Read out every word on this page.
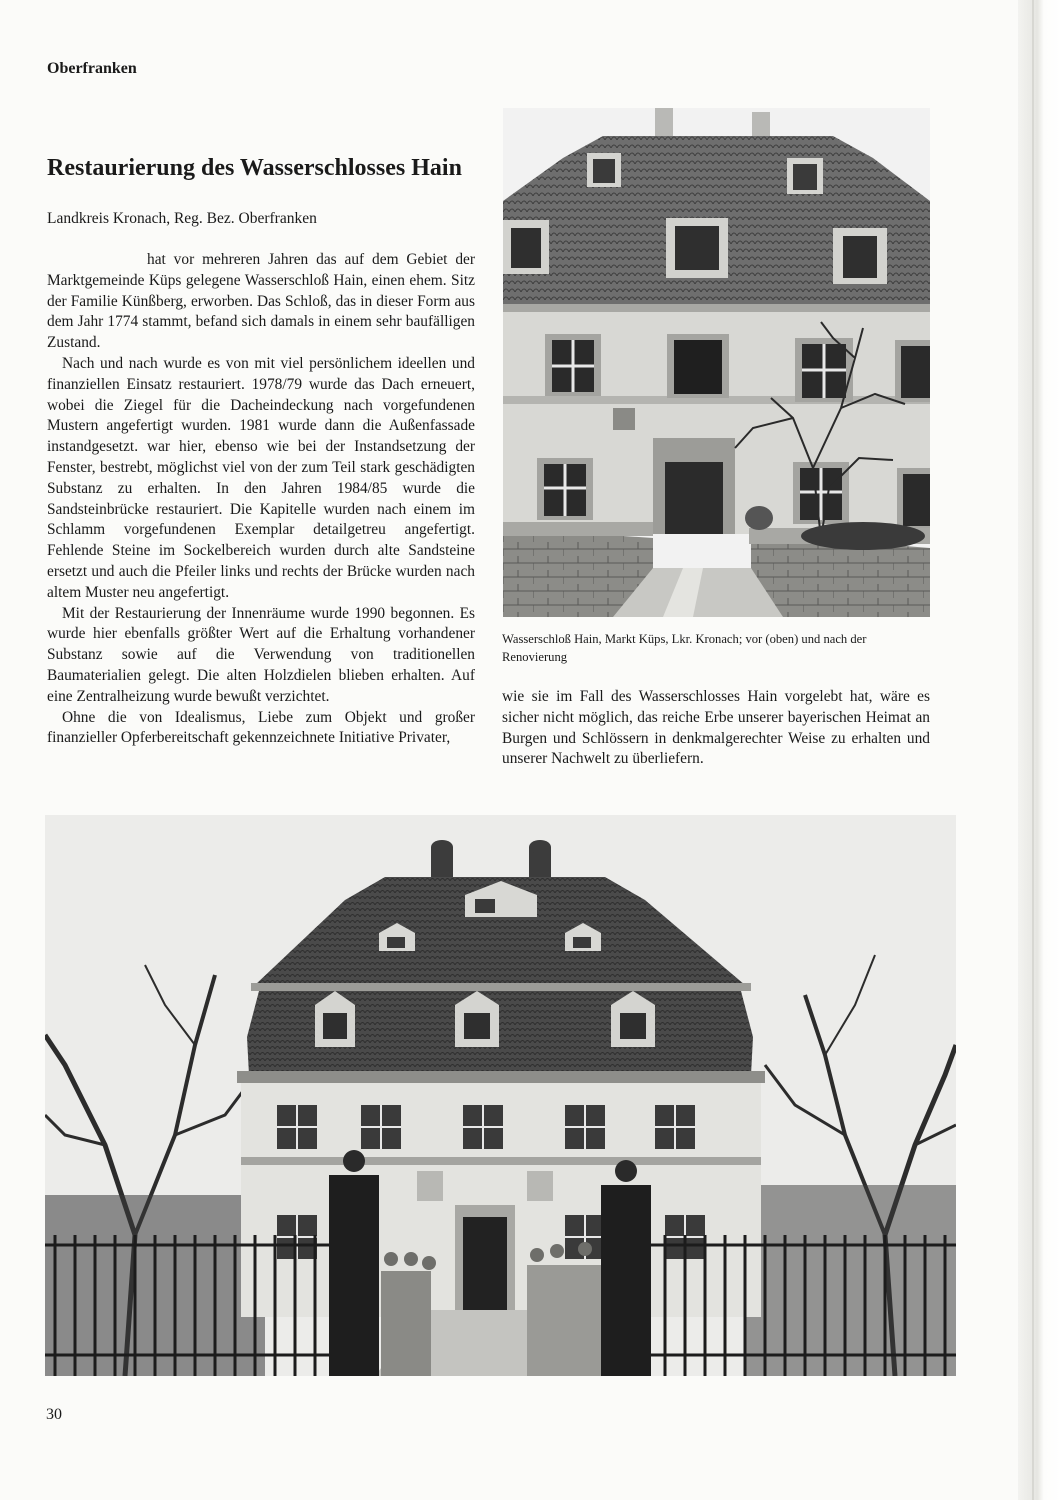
Oberfranken
Restaurierung des Wasserschlosses Hain

Landkreis Kronach, Reg. Bez. Oberfranken

hat vor mehreren Jahren das auf dem Gebiet der Marktgemeinde Küps gelegene Wasserschloß Hain, einen ehem. Sitz der Familie Künßberg, erworben. Das Schloß, das in dieser Form aus dem Jahr 1774 stammt, befand sich damals in einem sehr baufälligen Zustand.

Nach und nach wurde es von mit viel persönlichem ideellen und finanziellen Einsatz restauriert. 1978/79 wurde das Dach erneuert, wobei die Ziegel für die Dacheindeckung nach vorgefundenen Mustern angefertigt wurden. 1981 wurde dann die Außenfassade instandgesetzt. war hier, ebenso wie bei der Instandsetzung der Fenster, bestrebt, möglichst viel von der zum Teil stark geschädigten Substanz zu erhalten. In den Jahren 1984/85 wurde die Sandsteinbrücke restauriert. Die Kapitelle wurden nach einem im Schlamm vorgefundenen Exemplar detailgetreu angefertigt. Fehlende Steine im Sockelbereich wurden durch alte Sandsteine ersetzt und auch die Pfeiler links und rechts der Brücke wurden nach altem Muster neu angefertigt.

Mit der Restaurierung der Innenräume wurde 1990 begonnen. Es wurde hier ebenfalls größter Wert auf die Erhaltung vorhandener Substanz sowie auf die Verwendung von traditionellen Baumaterialien gelegt. Die alten Holzdielen blieben erhalten. Auf eine Zentralheizung wurde bewußt verzichtet.

Ohne die von Idealismus, Liebe zum Objekt und großer finanzieller Opferbereitschaft gekennzeichnete Initiative Privater,

Wasserschloß Hain, Markt Küps, Lkr. Kronach; vor (oben) und nach der Renovierung

wie sie im Fall des Wasserschlosses Hain vorgelebt hat, wäre es sicher nicht möglich, das reiche Erbe unserer bayerischen Heimat an Burgen und Schlössern in denkmalgerechter Weise zu erhalten und unserer Nachwelt zu überliefern.

30
